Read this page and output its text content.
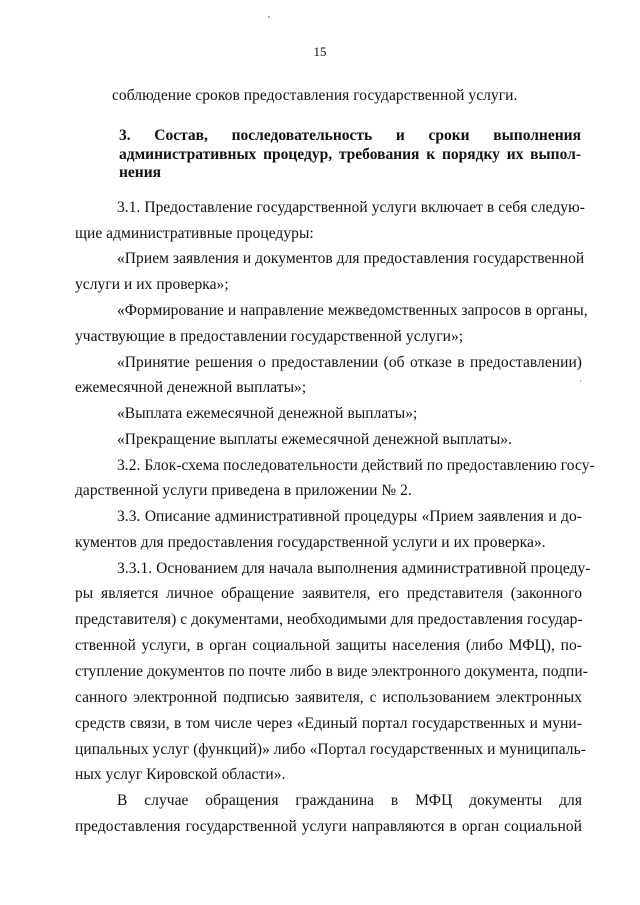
15
соблюдение сроков предоставления государственной услуги.
3. Состав, последовательность и сроки выполнения
административных процедур, требования к порядку их выпол-
нения
3.1. Предоставление государственной услуги включает в себя следую-
щие административные процедуры:
«Прием заявления и документов для предоставления государственной
услуги и их проверка»;
«Формирование и направление межведомственных запросов в органы,
участвующие в предоставлении государственной услуги»;
«Принятие решения о предоставлении (об отказе в предоставлении)
ежемесячной денежной выплаты»;
«Выплата ежемесячной денежной выплаты»;
«Прекращение выплаты ежемесячной денежной выплаты».
3.2. Блок-схема последовательности действий по предоставлению госу-
дарственной услуги приведена в приложении № 2.
3.3. Описание административной процедуры «Прием заявления и до-
кументов для предоставления государственной услуги и их проверка».
3.3.1. Основанием для начала выполнения административной процеду-
ры является личное обращение заявителя, его представителя (законного
представителя) с документами, необходимыми для предоставления государ-
ственной услуги, в орган социальной защиты населения (либо МФЦ), по-
ступление документов по почте либо в виде электронного документа, подпи-
санного электронной подписью заявителя, с использованием электронных
средств связи, в том числе через «Единый портал государственных и муни-
ципальных услуг (функций)» либо «Портал государственных и муниципаль-
ных услуг Кировской области».
В случае обращения гражданина в МФЦ документы для
предоставления государственной услуги направляются в орган социальной
